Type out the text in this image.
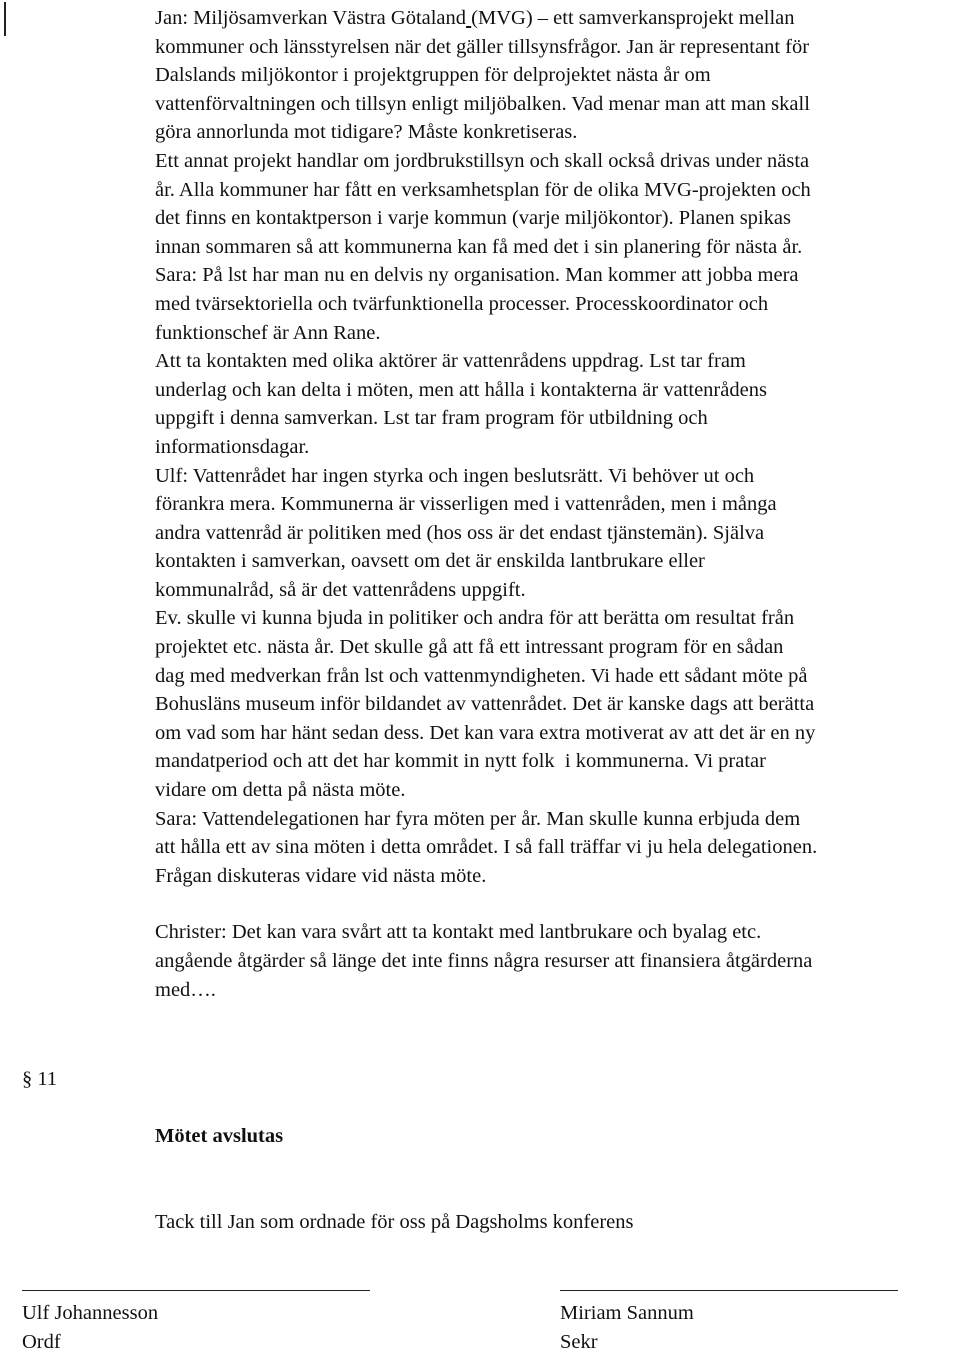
Jan: Miljösamverkan Västra Götaland (MVG) – ett samverkansprojekt mellan

kommuner och länsstyrelsen när det gäller tillsynsfrågor. Jan är representant för

Dalslands miljökontor i projektgruppen för delprojektet nästa år om

vattenförvaltningen och tillsyn enligt miljöbalken. Vad menar man att man skall

göra annorlunda mot tidigare? Måste konkretiseras.

Ett annat projekt handlar om jordbrukstillsyn och skall också drivas under nästa

år. Alla kommuner har fått en verksamhetsplan för de olika MVG-projekten och

det finns en kontaktperson i varje kommun (varje miljökontor). Planen spikas

innan sommaren så att kommunerna kan få med det i sin planering för nästa år.

Sara: På lst har man nu en delvis ny organisation. Man kommer att jobba mera

med tvärsektoriella och tvärfunktionella processer. Processkoordinator och

funktionschef är Ann Rane.

Att ta kontakten med olika aktörer är vattenrådens uppdrag. Lst tar fram

underlag och kan delta i möten, men att hålla i kontakterna är vattenrådens

uppgift i denna samverkan. Lst tar fram program för utbildning och

informationsdagar.

Ulf: Vattenrådet har ingen styrka och ingen beslutsrätt. Vi behöver ut och

förankra mera. Kommunerna är visserligen med i vattenråden, men i många

andra vattenråd är politiken med (hos oss är det endast tjänstemän). Själva

kontakten i samverkan, oavsett om det är enskilda lantbrukare eller

kommunalråd, så är det vattenrådens uppgift.

Ev. skulle vi kunna bjuda in politiker och andra för att berätta om resultat från

projektet etc. nästa år. Det skulle gå att få ett intressant program för en sådan

dag med medverkan från lst och vattenmyndigheten. Vi hade ett sådant möte på

Bohusläns museum inför bildandet av vattenrådet. Det är kanske dags att berätta

om vad som har hänt sedan dess. Det kan vara extra motiverat av att det är en ny

mandatperiod och att det har kommit in nytt folk  i kommunerna. Vi pratar

vidare om detta på nästa möte.

Sara: Vattendelegationen har fyra möten per år. Man skulle kunna erbjuda dem

att hålla ett av sina möten i detta området. I så fall träffar vi ju hela delegationen.

Frågan diskuteras vidare vid nästa möte.

Christer: Det kan vara svårt att ta kontakt med lantbrukare och byalag etc.

angående åtgärder så länge det inte finns några resurser att finansiera åtgärderna

med….

§ 11

Mötet avslutas

Tack till Jan som ordnade för oss på Dagsholms konferens

Ulf Johannesson
Ordf
Miriam Sannum
Sekr
